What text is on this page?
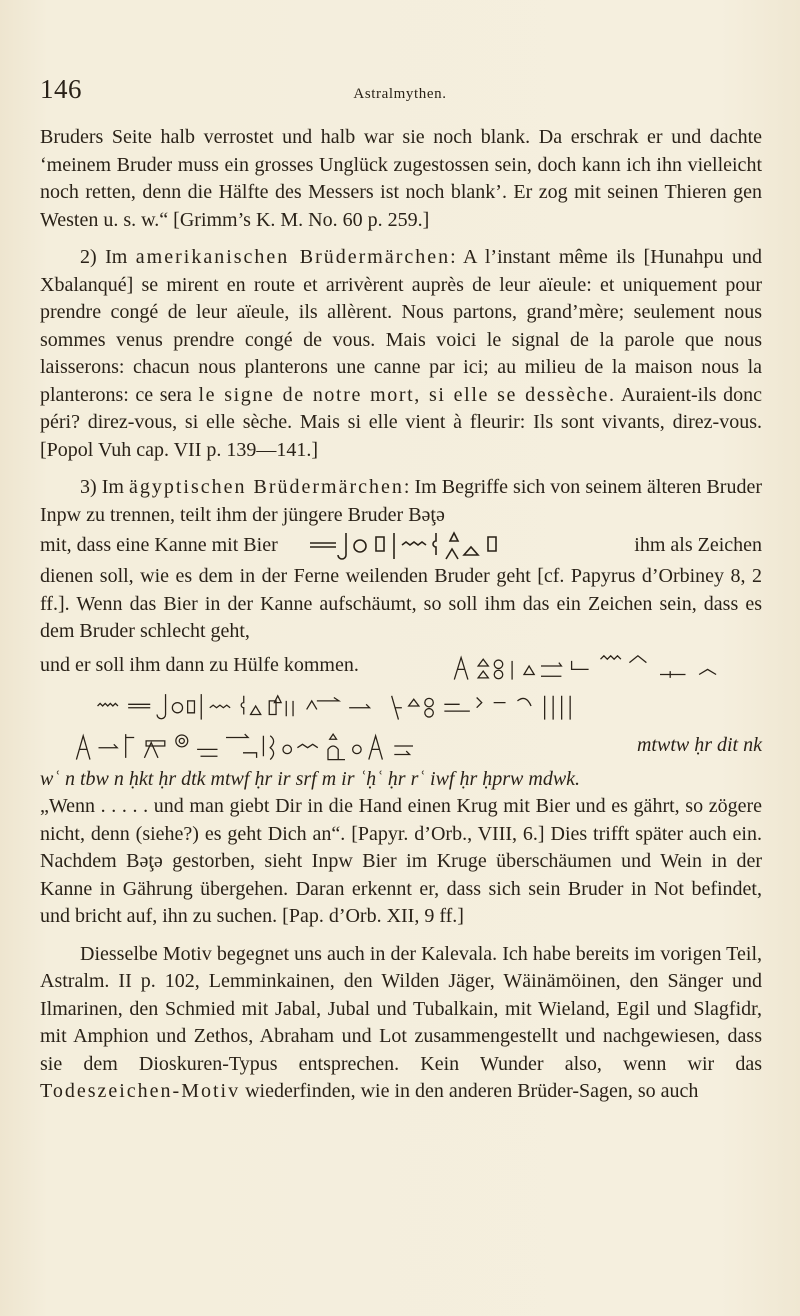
146	Astralmythen.

Bruders Seite halb verrostet und halb war sie noch blank. Da erschrak er und dachte ‘meinem Bruder muss ein grosses Unglück zugestossen sein, doch kann ich ihn vielleicht noch retten, denn die Hälfte des Messers ist noch blank’. Er zog mit seinen Thieren gen Westen u. s. w.“ [Grimm’s K. M. No. 60 p. 259.]

2) Im amerikanischen Brüdermärchen: A l’instant même ils [Hunahpu und Xbalanqué] se mirent en route et arrivèrent auprès de leur aïeule: et uniquement pour prendre congé de leur aïeule, ils allèrent. Nous partons, grand’mère; seulement nous sommes venus prendre congé de vous. Mais voici le signal de la parole que nous laisserons: chacun nous planterons une canne par ici; au milieu de la maison nous la planterons: ce sera le signe de notre mort, si elle se dessèche. Auraient-ils donc péri? direz-vous, si elle sèche. Mais si elle vient à fleurir: Ils sont vivants, direz-vous. [Popol Vuh cap. VII p. 139—141.]

3) Im ägyptischen Brüdermärchen: Im Begriffe sich von seinem älteren Bruder Inpw zu trennen, teilt ihm der jüngere Bruder Bǝţǝ

mit, dass eine Kanne mit Bier	ihm als Zeichen

dienen soll, wie es dem in der Ferne weilenden Bruder geht [cf. Papyrus d’Orbiney 8, 2 ff.]. Wenn das Bier in der Kanne aufschäumt, so soll ihm das ein Zeichen sein, dass es dem Bruder schlecht geht,

und er soll ihm dann zu Hülfe kommen.
mtwtw ḥr dit nk

wʿ n tbw n ḥkt ḥr dtk mtwf ḥr ir srf m ir ʿḥʿ ḥr rʿ iwf ḥr ḥprw mdwk.

„Wenn . . . . . und man giebt Dir in die Hand einen Krug mit Bier und es gährt, so zögere nicht, denn (siehe?) es geht Dich an“. [Papyr. d’Orb., VIII, 6.] Dies trifft später auch ein. Nachdem Bǝţǝ gestorben, sieht Inpw Bier im Kruge überschäumen und Wein in der Kanne in Gährung übergehen. Daran erkennt er, dass sich sein Bruder in Not befindet, und bricht auf, ihn zu suchen. [Pap. d’Orb. XII, 9 ff.]

Diesselbe Motiv begegnet uns auch in der Kalevala. Ich habe bereits im vorigen Teil, Astralm. II p. 102, Lemminkainen, den Wilden Jäger, Wäinämöinen, den Sänger und Ilmarinen, den Schmied mit Jabal, Jubal und Tubalkain, mit Wieland, Egil und Slagfidr, mit Amphion und Zethos, Abraham und Lot zusammengestellt und nachgewiesen, dass sie dem Dioskuren-Typus entsprechen. Kein Wunder also, wenn wir das Todeszeichen-Motiv wiederfinden, wie in den anderen Brüder-Sagen, so auch
